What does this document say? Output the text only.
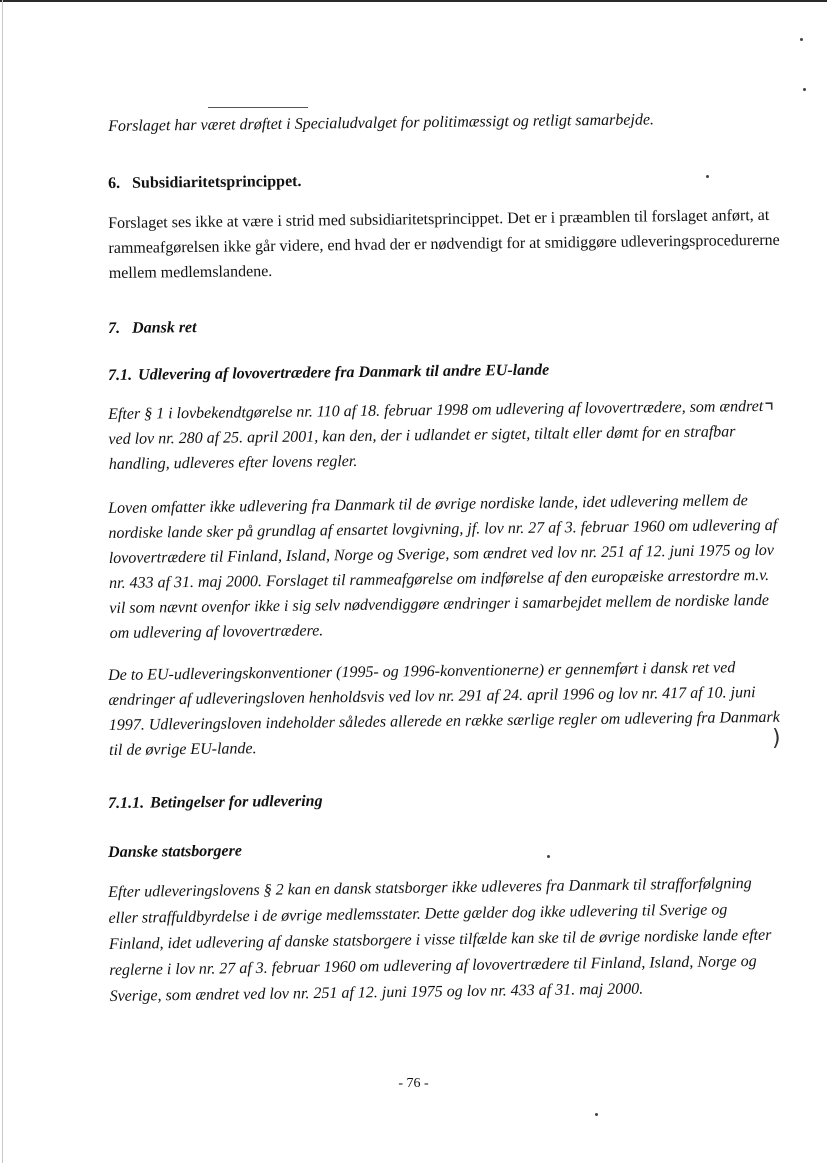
Forslaget har været drøftet i Specialudvalget for politimæssigt og retligt samarbejde.

6. Subsidiaritetsprincippet.

Forslaget ses ikke at være i strid med subsidiaritetsprincippet. Det er i præamblen til forslaget anført, at rammeafgørelsen ikke går videre, end hvad der er nødvendigt for at smidiggøre udleveringsprocedurerne mellem medlemslandene.

7. Dansk ret
7.1. Udlevering af lovovertrædere fra Danmark til andre EU-lande

Efter § 1 i lovbekendtgørelse nr. 110 af 18. februar 1998 om udlevering af lovovertrædere, som ændret ved lov nr. 280 af 25. april 2001, kan den, der i udlandet er sigtet, tiltalt eller dømt for en strafbar handling, udleveres efter lovens regler.

Loven omfatter ikke udlevering fra Danmark til de øvrige nordiske lande, idet udlevering mellem de nordiske lande sker på grundlag af ensartet lovgivning, jf. lov nr. 27 af 3. februar 1960 om udlevering af lovovertrædere til Finland, Island, Norge og Sverige, som ændret ved lov nr. 251 af 12. juni 1975 og lov nr. 433 af 31. maj 2000. Forslaget til rammeafgørelse om indførelse af den europæiske arrestordre m.v. vil som nævnt ovenfor ikke i sig selv nødvendiggøre ændringer i samarbejdet mellem de nordiske lande om udlevering af lovovertrædere.

De to EU-udleveringskonventioner (1995- og 1996-konventionerne) er gennemført i dansk ret ved ændringer af udleveringsloven henholdsvis ved lov nr. 291 af 24. april 1996 og lov nr. 417 af 10. juni 1997. Udleveringsloven indeholder således allerede en række særlige regler om udlevering fra Danmark til de øvrige EU-lande.

7.1.1. Betingelser for udlevering
Danske statsborgere

Efter udleveringslovens § 2 kan en dansk statsborger ikke udleveres fra Danmark til strafforfølgning eller straffuldbyrdelse i de øvrige medlemsstater. Dette gælder dog ikke udlevering til Sverige og Finland, idet udlevering af danske statsborgere i visse tilfælde kan ske til de øvrige nordiske lande efter reglerne i lov nr. 27 af 3. februar 1960 om udlevering af lovovertrædere til Finland, Island, Norge og Sverige, som ændret ved lov nr. 251 af 12. juni 1975 og lov nr. 433 af 31. maj 2000.

- 76 -

⌝
)
